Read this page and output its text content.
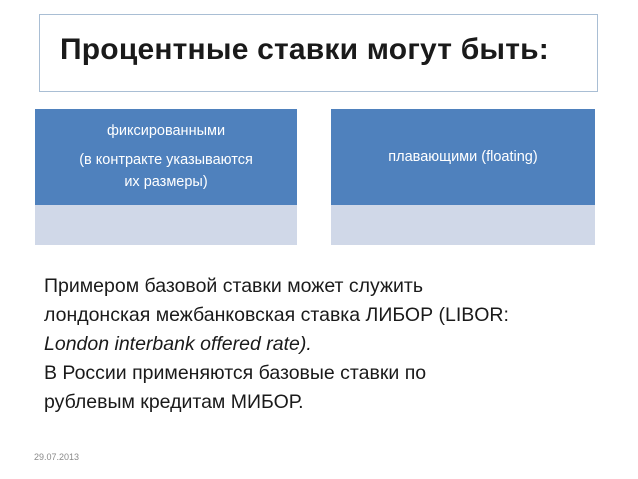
Процентные ставки могут быть:
фиксированными
(в контракте указываются
их размеры)
плавающими (floating)
Примером базовой ставки может служить
лондонская межбанковская ставка ЛИБОР (LIBOR:
London interbank offered rate).
В России применяются базовые ставки по
рублевым кредитам МИБОР.
29.07.2013
